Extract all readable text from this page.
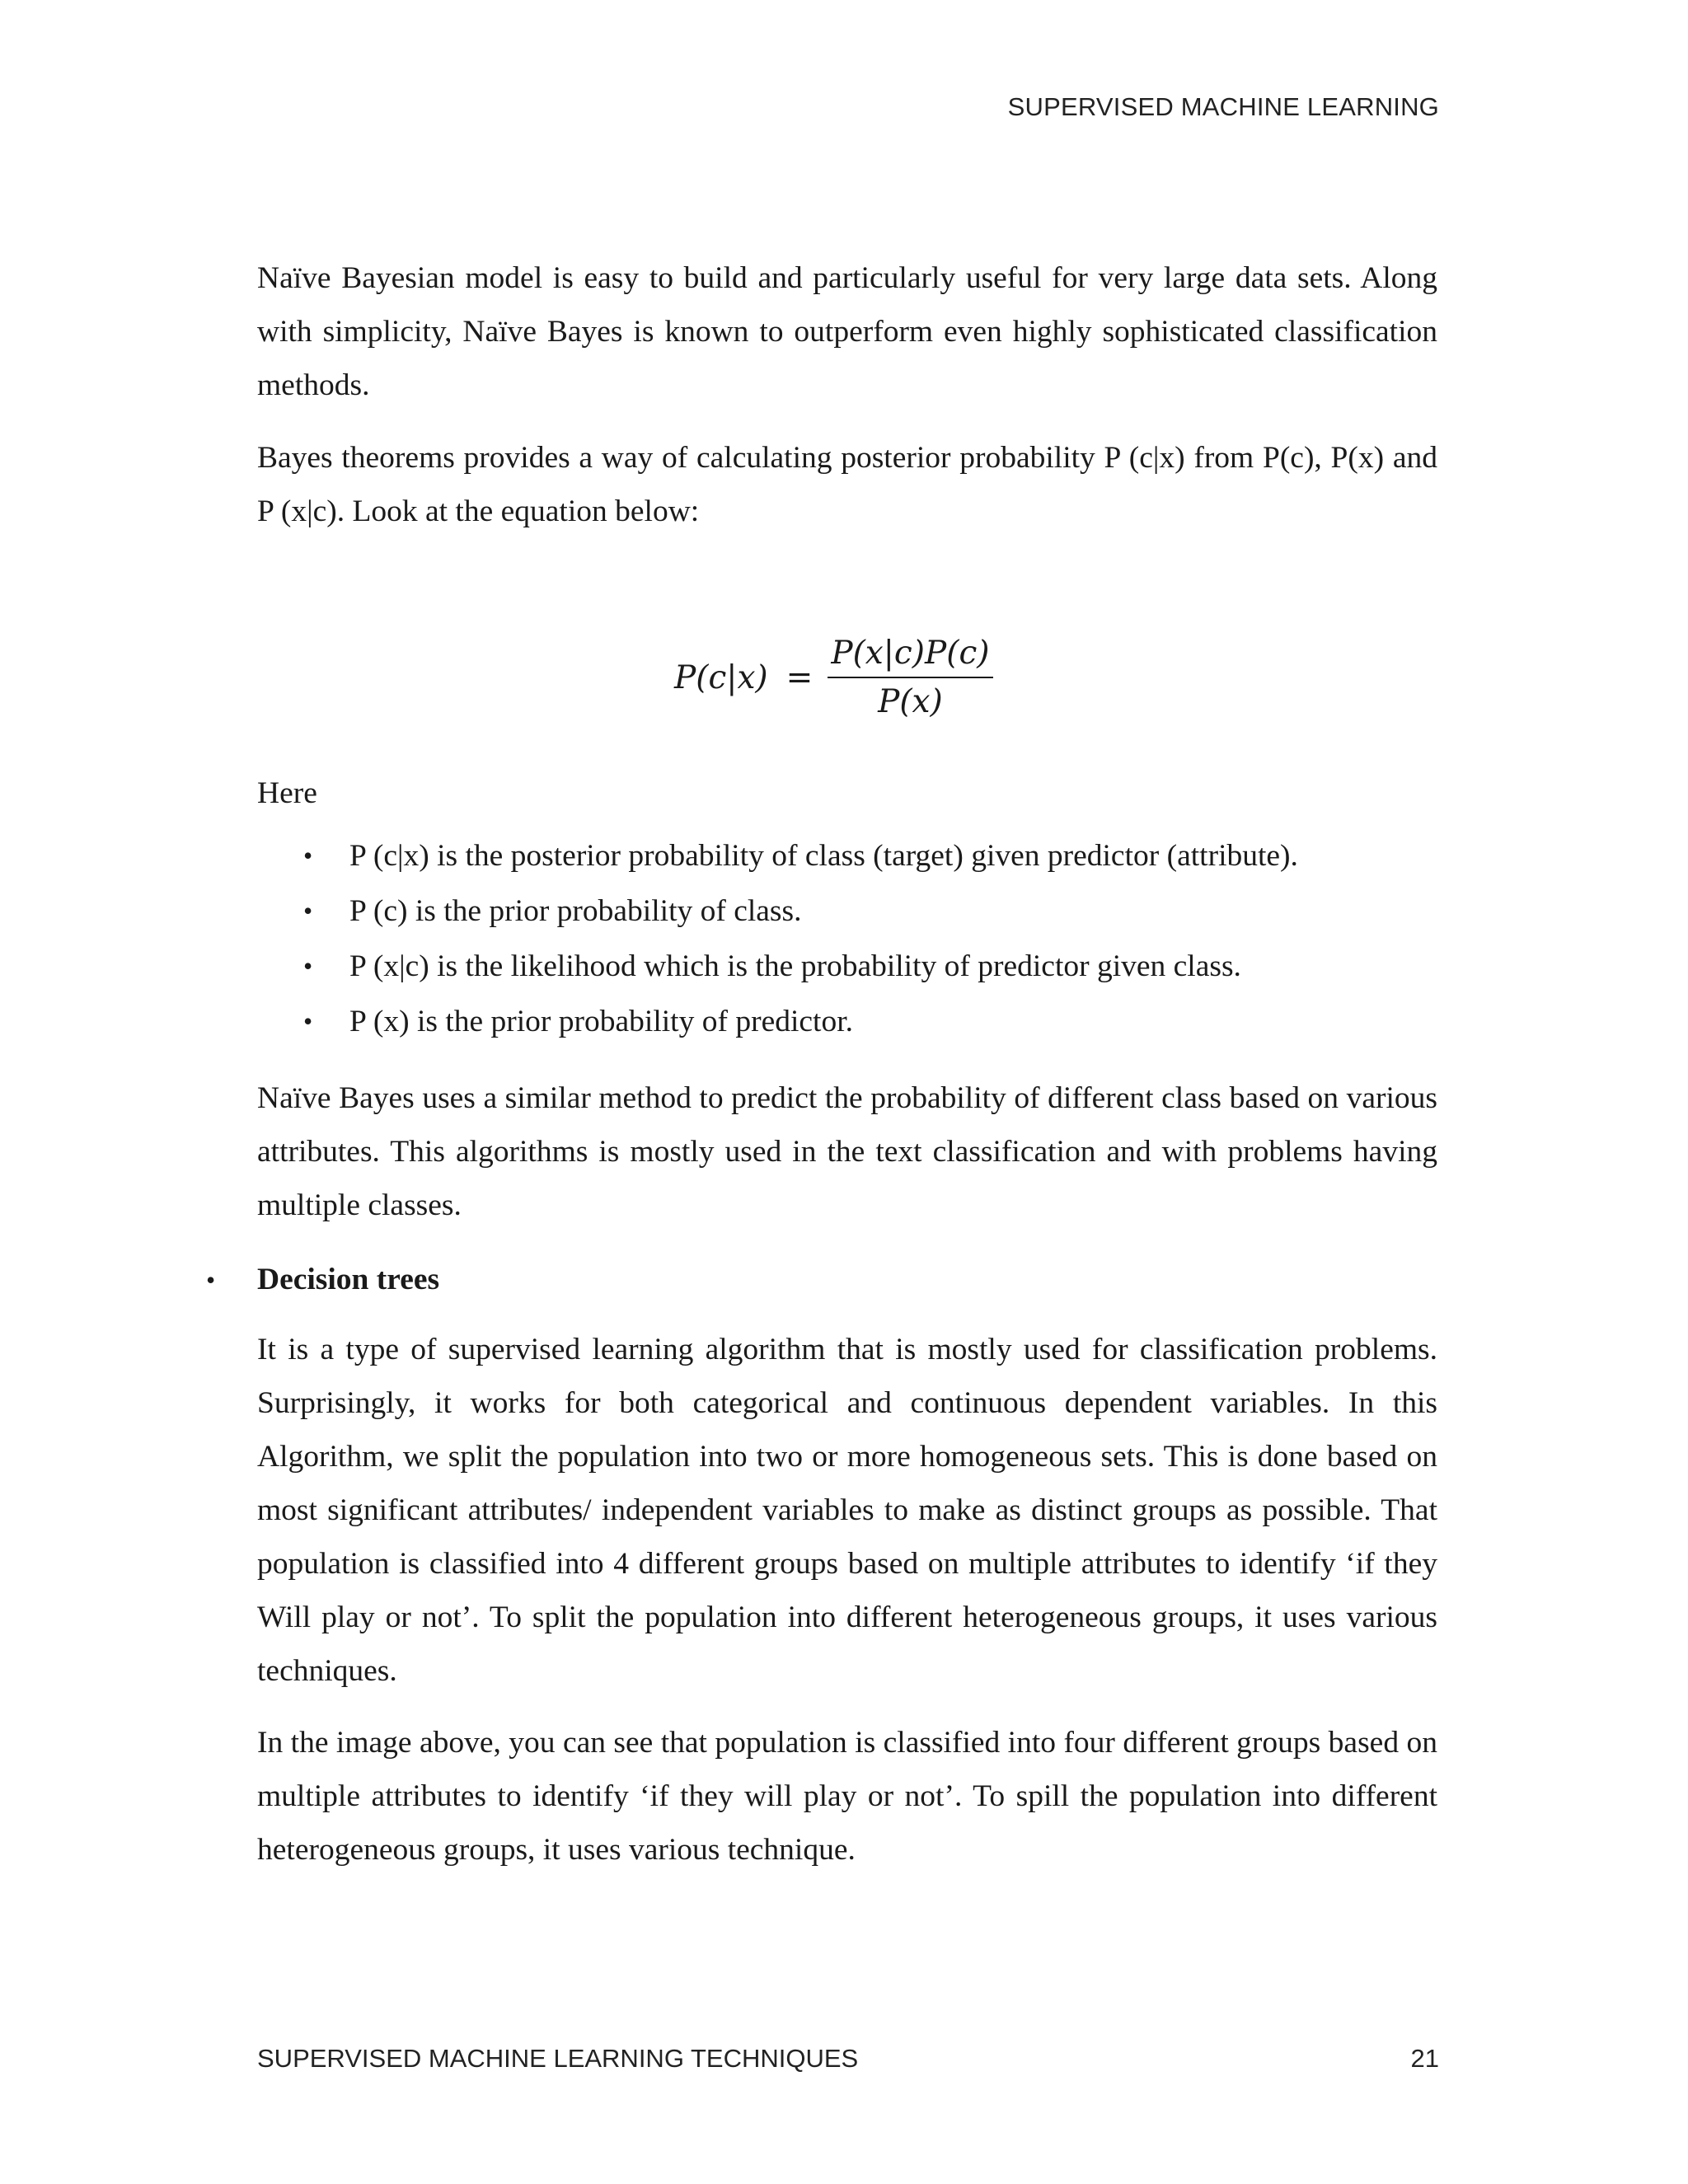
SUPERVISED MACHINE LEARNING

Naïve Bayesian model is easy to build and particularly useful for very large data sets. Along with simplicity, Naïve Bayes is known to outperform even highly sophisticated classification methods.

Bayes theorems provides a way of calculating posterior probability P (c|x) from P(c), P(x) and P (x|c). Look at the equation below:

$P(c|x) = \frac{P(x|c)P(c)}{P(x)}$

Here

• P (c|x) is the posterior probability of class (target) given predictor (attribute).
• P (c) is the prior probability of class.
• P (x|c) is the likelihood which is the probability of predictor given class.
• P (x) is the prior probability of predictor.

Naïve Bayes uses a similar method to predict the probability of different class based on various attributes. This algorithms is mostly used in the text classification and with problems having multiple classes.

• Decision trees

It is a type of supervised learning algorithm that is mostly used for classification problems. Surprisingly, it works for both categorical and continuous dependent variables. In this Algorithm, we split the population into two or more homogeneous sets. This is done based on most significant attributes/ independent variables to make as distinct groups as possible. That population is classified into 4 different groups based on multiple attributes to identify ‘if they Will play or not’. To split the population into different heterogeneous groups, it uses various techniques.

In the image above, you can see that population is classified into four different groups based on multiple attributes to identify ‘if they will play or not’. To spill the population into different heterogeneous groups, it uses various technique.

SUPERVISED MACHINE LEARNING TECHNIQUES	21
